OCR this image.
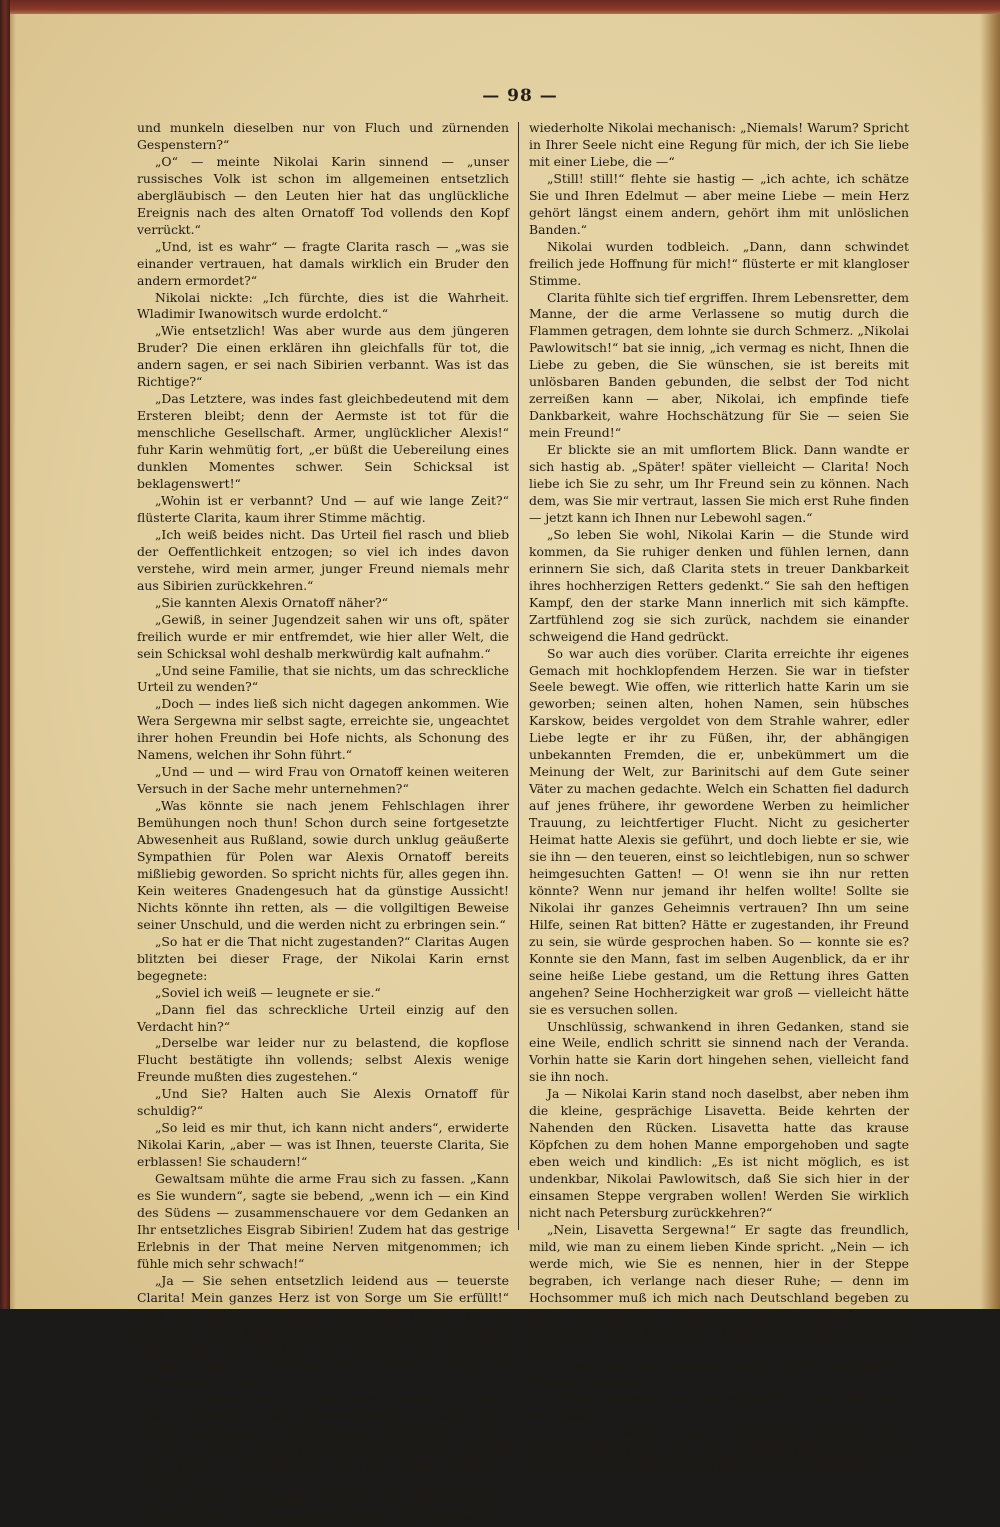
— 98 —

und munkeln dieselben nur von Fluch und zürnenden Gespenstern?“

„O“ — meinte Nikolai Karin sinnend — „unser russisches Volk ist schon im allgemeinen entsetzlich abergläubisch — den Leuten hier hat das unglückliche Ereignis nach des alten Ornatoff Tod vollends den Kopf verrückt.“

„Und, ist es wahr“ — fragte Clarita rasch — „was sie einander vertrauen, hat damals wirklich ein Bruder den andern ermordet?“

Nikolai nickte: „Ich fürchte, dies ist die Wahrheit. Wladimir Iwanowitsch wurde erdolcht.“

„Wie entsetzlich! Was aber wurde aus dem jüngeren Bruder? Die einen erklären ihn gleichfalls für tot, die andern sagen, er sei nach Sibirien verbannt. Was ist das Richtige?“

„Das Letztere, was indes fast gleichbedeutend mit dem Ersteren bleibt; denn der Aermste ist tot für die menschliche Gesellschaft. Armer, unglücklicher Alexis!“ fuhr Karin wehmütig fort, „er büßt die Uebereilung eines dunklen Momentes schwer. Sein Schicksal ist beklagenswert!“

„Wohin ist er verbannt? Und — auf wie lange Zeit?“ flüsterte Clarita, kaum ihrer Stimme mächtig.

„Ich weiß beides nicht. Das Urteil fiel rasch und blieb der Oeffentlichkeit entzogen; so viel ich indes davon verstehe, wird mein armer, junger Freund niemals mehr aus Sibirien zurückkehren.“

„Sie kannten Alexis Ornatoff näher?“

„Gewiß, in seiner Jugendzeit sahen wir uns oft, später freilich wurde er mir entfremdet, wie hier aller Welt, die sein Schicksal wohl deshalb merkwürdig kalt aufnahm.“

„Und seine Familie, that sie nichts, um das schreckliche Urteil zu wenden?“

„Doch — indes ließ sich nicht dagegen ankommen. Wie Wera Sergewna mir selbst sagte, erreichte sie, ungeachtet ihrer hohen Freundin bei Hofe nichts, als Schonung des Namens, welchen ihr Sohn führt.“

„Und — und — wird Frau von Ornatoff keinen weiteren Versuch in der Sache mehr unternehmen?“

„Was könnte sie nach jenem Fehlschlagen ihrer Bemühungen noch thun! Schon durch seine fortgesetzte Abwesenheit aus Rußland, sowie durch unklug geäußerte Sympathien für Polen war Alexis Ornatoff bereits mißliebig geworden. So spricht nichts für, alles gegen ihn. Kein weiteres Gnadengesuch hat da günstige Aussicht! Nichts könnte ihn retten, als — die vollgiltigen Beweise seiner Unschuld, und die werden nicht zu erbringen sein.“

„So hat er die That nicht zugestanden?“ Claritas Augen blitzten bei dieser Frage, der Nikolai Karin ernst begegnete:

„Soviel ich weiß — leugnete er sie.“

„Dann fiel das schreckliche Urteil einzig auf den Verdacht hin?“

„Derselbe war leider nur zu belastend, die kopflose Flucht bestätigte ihn vollends; selbst Alexis wenige Freunde mußten dies zugestehen.“

„Und Sie? Halten auch Sie Alexis Ornatoff für schuldig?“

„So leid es mir thut, ich kann nicht anders“, erwiderte Nikolai Karin, „aber — was ist Ihnen, teuerste Clarita, Sie erblassen! Sie schaudern!“

Gewaltsam mühte die arme Frau sich zu fassen. „Kann es Sie wundern“, sagte sie bebend, „wenn ich — ein Kind des Südens — zusammenschauere vor dem Gedanken an Ihr entsetzliches Eisgrab Sibirien! Zudem hat das gestrige Erlebnis in der That meine Nerven mitgenommen; ich fühle mich sehr schwach!“

„Ja — Sie sehen entsetzlich leidend aus — teuerste Clarita! Mein ganzes Herz ist von Sorge um Sie erfüllt!“ Und ehe Clarita es begriff und fassen konnte, wie es geschah, hatte Nikolai Karin mit ehrlichen, schlichten Worten um sie geworben, sie gebeten, seine Gattin zu werden, die er schützen und behüten dürfe mit fürsorglicher Liebe.

Es ist schwer zu schildern, was Clarita bei seinen raschen Worten heißer Liebe empfand. Sie hatte kaum deren Sinn erfaßt, als sie ihn heftig unterbrach: „O, Herr v. Karin — nicht weiter, sprechen Sie nicht weiter! Es darf nicht sein — ich kann nie, nie Ihre Gattin werden — niemals!“

Die innere Aufregung machte sie leidenschaftlich. Bestürzt über ihre Erregung, noch mehr über ihre Worte,

wiederholte Nikolai mechanisch: „Niemals! Warum? Spricht in Ihrer Seele nicht eine Regung für mich, der ich Sie liebe mit einer Liebe, die —“

„Still! still!“ flehte sie hastig — „ich achte, ich schätze Sie und Ihren Edelmut — aber meine Liebe — mein Herz gehört längst einem andern, gehört ihm mit unlöslichen Banden.“

Nikolai wurden todbleich. „Dann, dann schwindet freilich jede Hoffnung für mich!“ flüsterte er mit klangloser Stimme.

Clarita fühlte sich tief ergriffen. Ihrem Lebensretter, dem Manne, der die arme Verlassene so mutig durch die Flammen getragen, dem lohnte sie durch Schmerz. „Nikolai Pawlowitsch!“ bat sie innig, „ich vermag es nicht, Ihnen die Liebe zu geben, die Sie wünschen, sie ist bereits mit unlösbaren Banden gebunden, die selbst der Tod nicht zerreißen kann — aber, Nikolai, ich empfinde tiefe Dankbarkeit, wahre Hochschätzung für Sie — seien Sie mein Freund!“

Er blickte sie an mit umflortem Blick. Dann wandte er sich hastig ab. „Später! später vielleicht — Clarita! Noch liebe ich Sie zu sehr, um Ihr Freund sein zu können. Nach dem, was Sie mir vertraut, lassen Sie mich erst Ruhe finden — jetzt kann ich Ihnen nur Lebewohl sagen.“

„So leben Sie wohl, Nikolai Karin — die Stunde wird kommen, da Sie ruhiger denken und fühlen lernen, dann erinnern Sie sich, daß Clarita stets in treuer Dankbarkeit ihres hochherzigen Retters gedenkt.“ Sie sah den heftigen Kampf, den der starke Mann innerlich mit sich kämpfte. Zartfühlend zog sie sich zurück, nachdem sie einander schweigend die Hand gedrückt.

So war auch dies vorüber. Clarita erreichte ihr eigenes Gemach mit hochklopfendem Herzen. Sie war in tiefster Seele bewegt. Wie offen, wie ritterlich hatte Karin um sie geworben; seinen alten, hohen Namen, sein hübsches Karskow, beides vergoldet von dem Strahle wahrer, edler Liebe legte er ihr zu Füßen, ihr, der abhängigen unbekannten Fremden, die er, unbekümmert um die Meinung der Welt, zur Barinitschi auf dem Gute seiner Väter zu machen gedachte. Welch ein Schatten fiel dadurch auf jenes frühere, ihr gewordene Werben zu heimlicher Trauung, zu leichtfertiger Flucht. Nicht zu gesicherter Heimat hatte Alexis sie geführt, und doch liebte er sie, wie sie ihn — den teueren, einst so leichtlebigen, nun so schwer heimgesuchten Gatten! — O! wenn sie ihn nur retten könnte? Wenn nur jemand ihr helfen wollte! Sollte sie Nikolai ihr ganzes Geheimnis vertrauen? Ihn um seine Hilfe, seinen Rat bitten? Hätte er zugestanden, ihr Freund zu sein, sie würde gesprochen haben. So — konnte sie es? Konnte sie den Mann, fast im selben Augenblick, da er ihr seine heiße Liebe gestand, um die Rettung ihres Gatten angehen? Seine Hochherzigkeit war groß — vielleicht hätte sie es versuchen sollen.

Unschlüssig, schwankend in ihren Gedanken, stand sie eine Weile, endlich schritt sie sinnend nach der Veranda. Vorhin hatte sie Karin dort hingehen sehen, vielleicht fand sie ihn noch.

Ja — Nikolai Karin stand noch daselbst, aber neben ihm die kleine, gesprächige Lisavetta. Beide kehrten der Nahenden den Rücken. Lisavetta hatte das krause Köpfchen zu dem hohen Manne emporgehoben und sagte eben weich und kindlich: „Es ist nicht möglich, es ist undenkbar, Nikolai Pawlowitsch, daß Sie sich hier in der einsamen Steppe vergraben wollen! Werden Sie wirklich nicht nach Petersburg zurückkehren?“

„Nein, Lisavetta Sergewna!“ Er sagte das freundlich, mild, wie man zu einem lieben Kinde spricht. „Nein — ich werde mich, wie Sie es nennen, hier in der Steppe begraben, ich verlange nach dieser Ruhe; — denn im Hochsommer muß ich mich nach Deutschland begeben zu einem „Stelldichein“ mit meinem alten Verwandten General Romanzow. Nach Petersburg komme ich sicherlich so bald nicht.“

„O! wie man Sie vermissen wird!“ seufzte das hübsche Mädchen kleinlaut.

„Thörichte Kleine!“ meinte er flüchtig. „Wer sollte mich vermissen?“

„Ich! — Ich werde es thun“, gestand aber Lisavetta naiv. „Wie ich ohne Ihre Güte und Freundlichkeit Weras ewiges Mäkeln und Kritteln ertragen soll, ist mir unerfindlich!“
